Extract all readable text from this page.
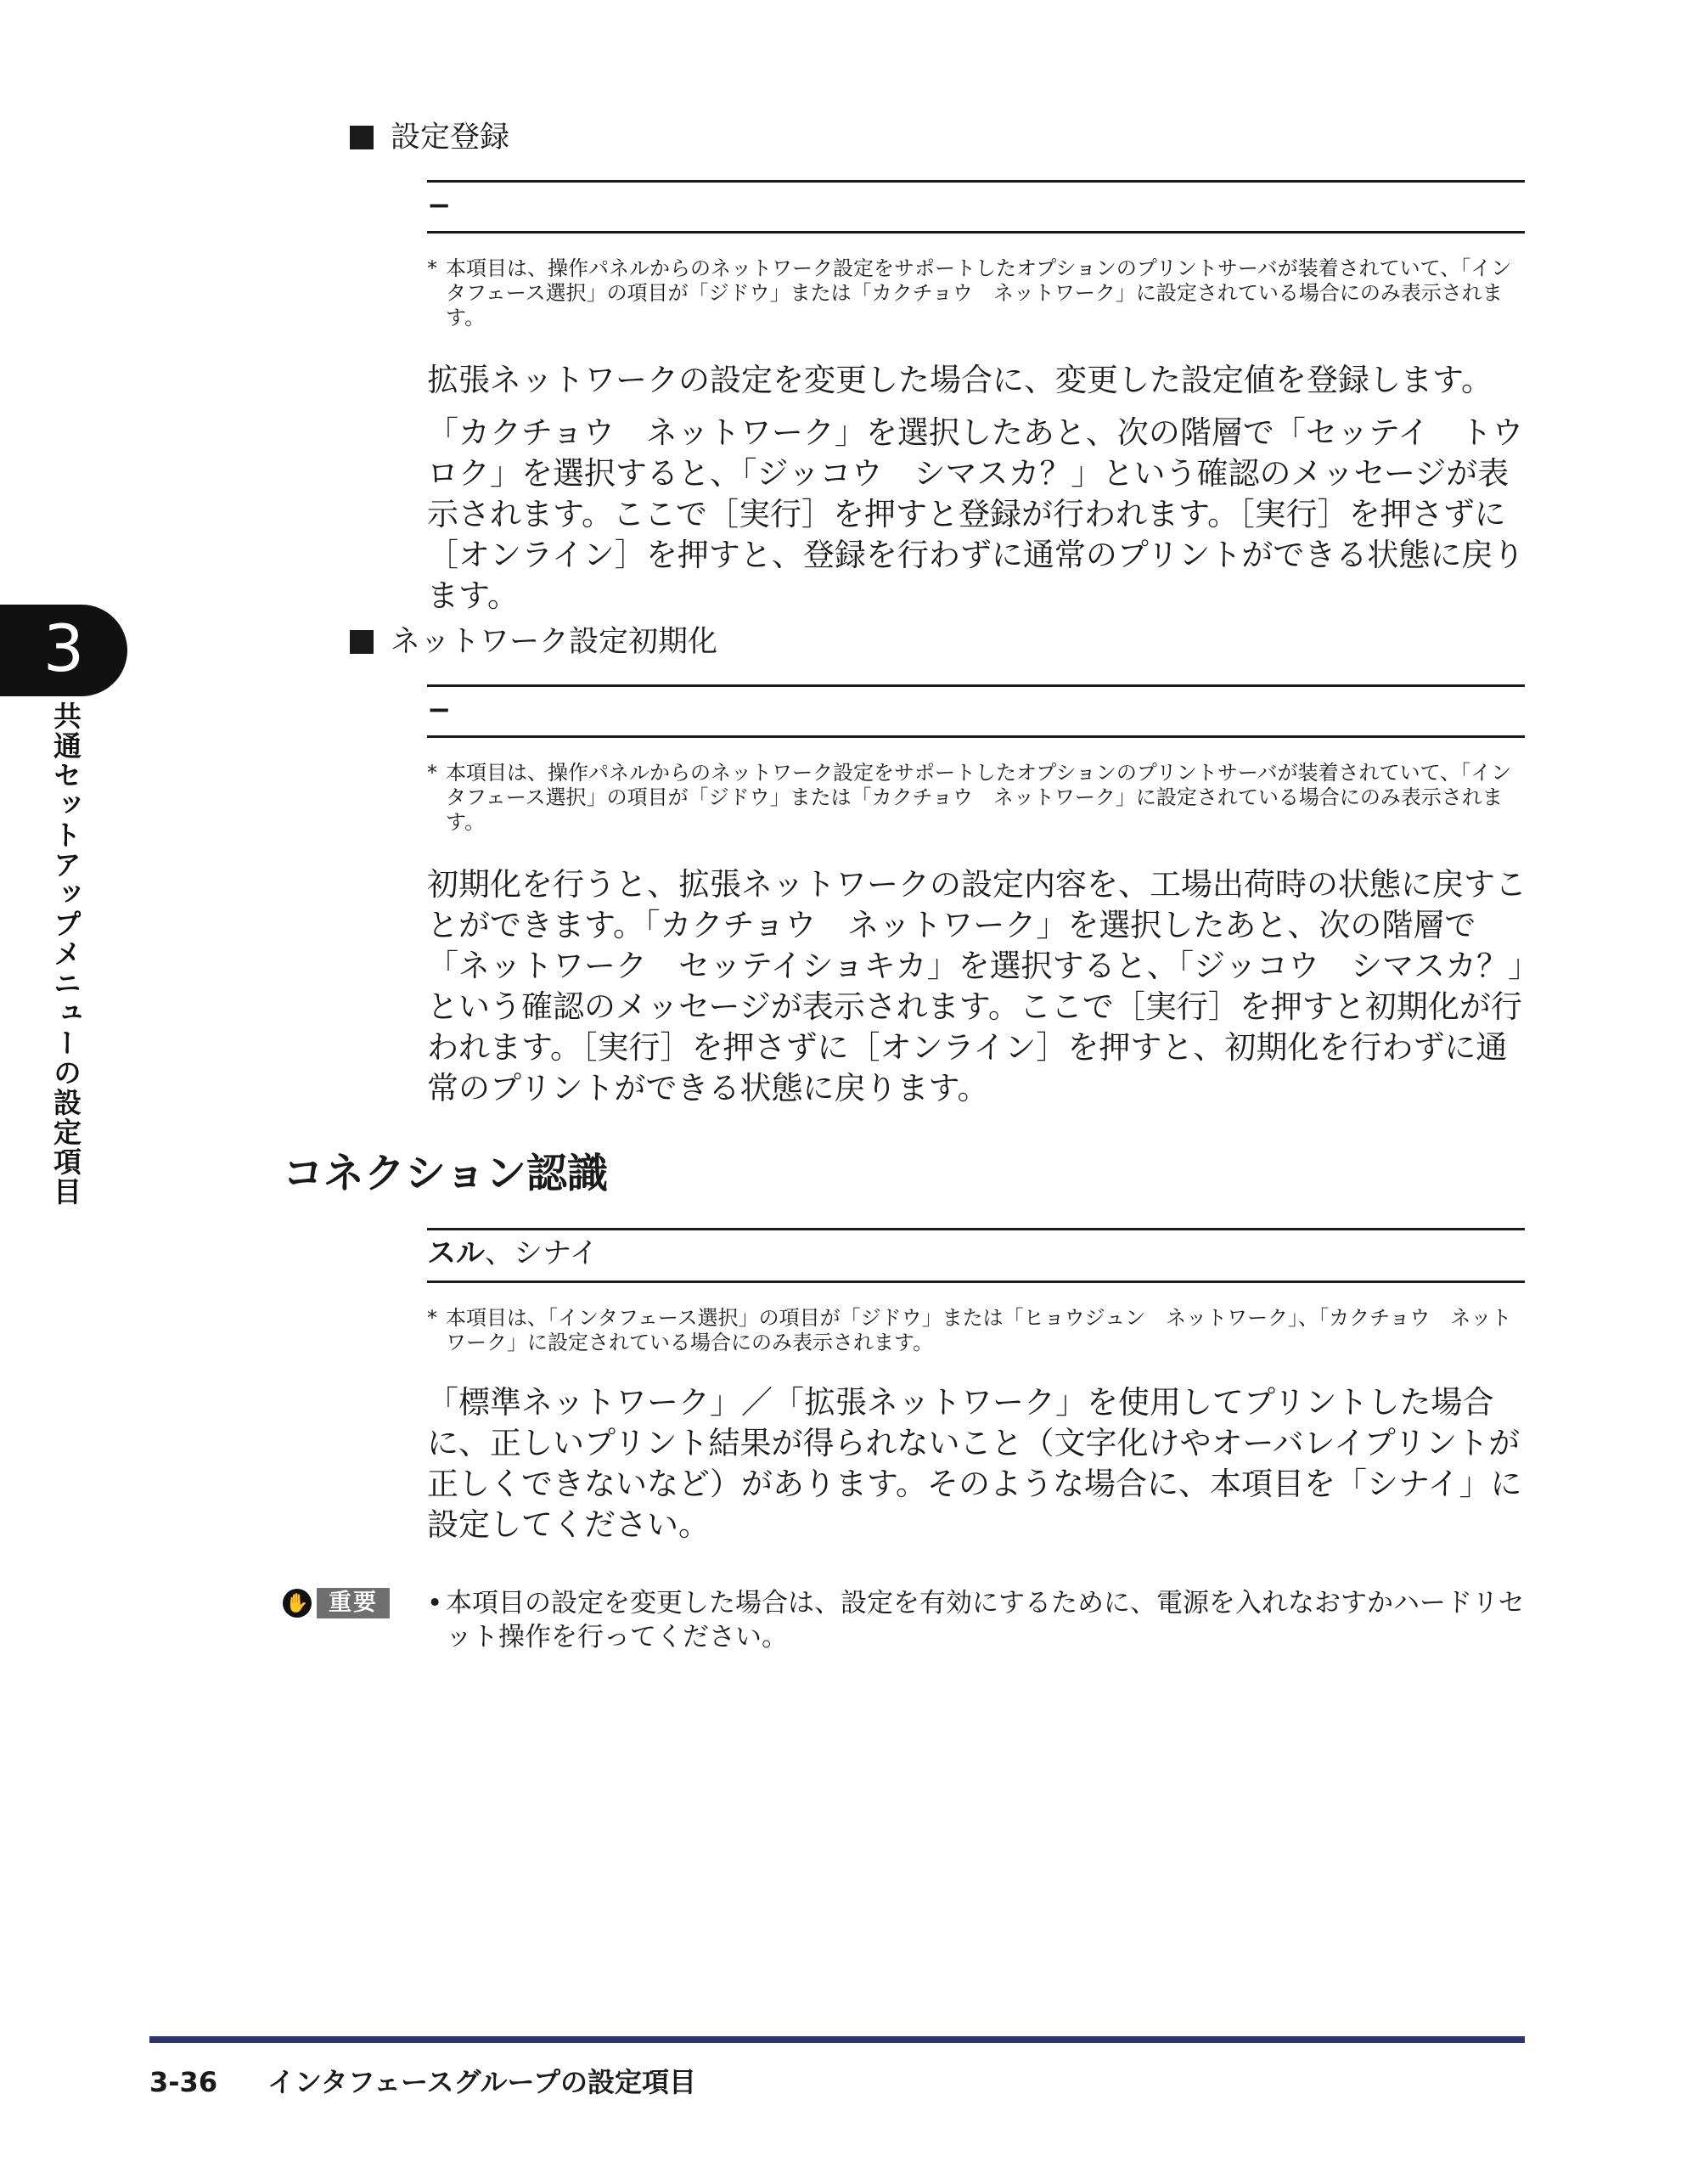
3
共通セットアップメニューの設定項目
設定登録
−
* 本項目は、操作パネルからのネットワーク設定をサポートしたオプションのプリントサーバが装着されていて、「インタフェース選択」の項目が「ジドウ」または「カクチョウ　ネットワーク」に設定されている場合にのみ表示されます。

拡張ネットワークの設定を変更した場合に、変更した設定値を登録します。

「カクチョウ　ネットワーク」を選択したあと、次の階層で「セッテイ　トウロク」を選択すると、「ジッコウ　シマスカ？」という確認のメッセージが表示されます。ここで［実行］を押すと登録が行われます。［実行］を押さずに［オンライン］を押すと、登録を行わずに通常のプリントができる状態に戻ります。

ネットワーク設定初期化
−
* 本項目は、操作パネルからのネットワーク設定をサポートしたオプションのプリントサーバが装着されていて、「インタフェース選択」の項目が「ジドウ」または「カクチョウ　ネットワーク」に設定されている場合にのみ表示されます。

初期化を行うと、拡張ネットワークの設定内容を、工場出荷時の状態に戻すことができます。「カクチョウ　ネットワーク」を選択したあと、次の階層で「ネットワーク　セッテイショキカ」を選択すると、「ジッコウ　シマスカ？」という確認のメッセージが表示されます。ここで［実行］を押すと初期化が行われます。［実行］を押さずに［オンライン］を押すと、初期化を行わずに通常のプリントができる状態に戻ります。

コネクション認識
スル、シナイ
* 本項目は、「インタフェース選択」の項目が「ジドウ」または「ヒョウジュン　ネットワーク」、「カクチョウ　ネットワーク」に設定されている場合にのみ表示されます。

「標準ネットワーク」／「拡張ネットワーク」を使用してプリントした場合に、正しいプリント結果が得られないこと（文字化けやオーバレイプリントが正しくできないなど）があります。そのような場合に、本項目を「シナイ」に設定してください。

✋ 重要	• 本項目の設定を変更した場合は、設定を有効にするために、電源を入れなおすかハードリセット操作を行ってください。
3-36 インタフェースグループの設定項目
